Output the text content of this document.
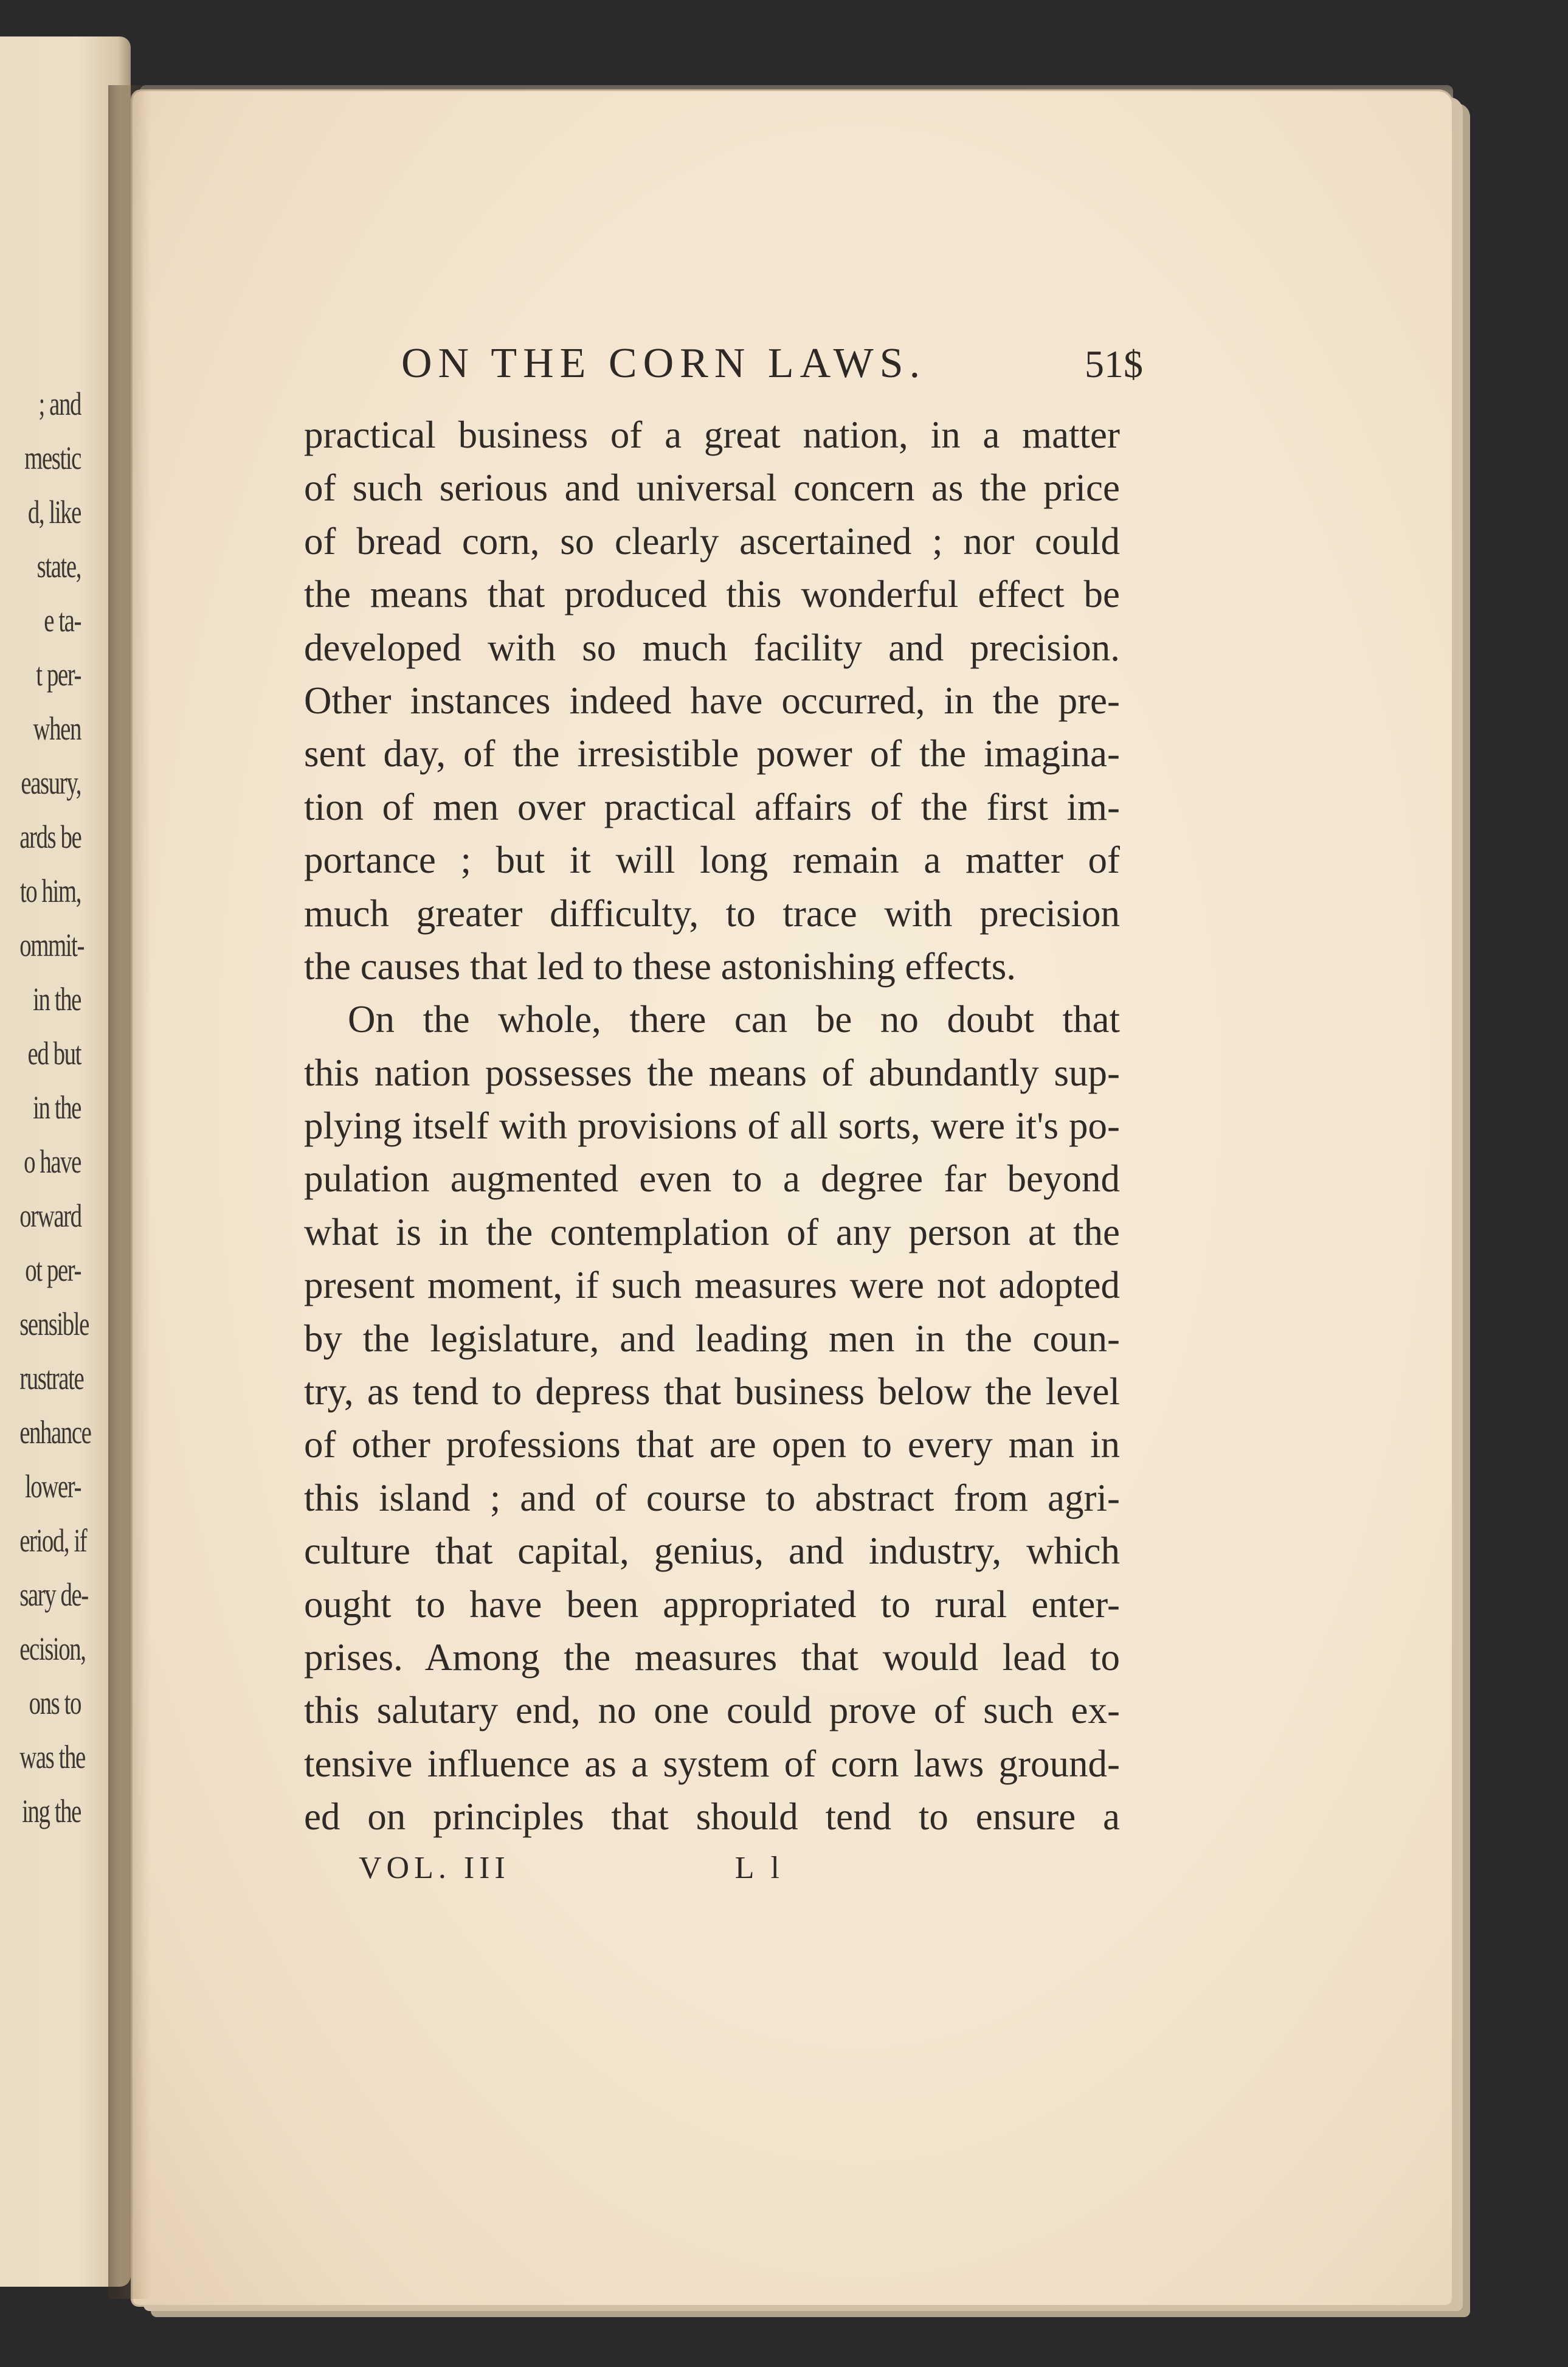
; and
mestic
d, like
state,
e ta-
t per-
when
easury,
ards be
to him,
ommit-
in the
ed but
in the
o have
orward
ot per-
sensible
rustrate
enhance
lower-
eriod, if
sary de-
ecision,
ons to
was the
ing the
ON THE CORN LAWS.	51$
practical business of a great nation, in a matter
of such serious and universal concern as the price
of bread corn, so clearly ascertained ; nor could
the means that produced this wonderful effect be
developed with so much facility and precision.
Other instances indeed have occurred, in the pre-
sent day, of the irresistible power of the imagina-
tion of men over practical affairs of the first im-
portance ; but it will long remain a matter of
much greater difficulty, to trace with precision
the causes that led to these astonishing effects.
On the whole, there can be no doubt that
this nation possesses the means of abundantly sup-
plying itself with provisions of all sorts, were it's po-
pulation augmented even to a degree far beyond
what is in the contemplation of any person at the
present moment, if such measures were not adopted
by the legislature, and leading men in the coun-
try, as tend to depress that business below the level
of other professions that are open to every man in
this island ; and of course to abstract from agri-
culture that capital, genius, and industry, which
ought to have been appropriated to rural enter-
prises. Among the measures that would lead to
this salutary end, no one could prove of such ex-
tensive influence as a system of corn laws ground-
ed on principles that should tend to ensure a
VOL. III	L l
